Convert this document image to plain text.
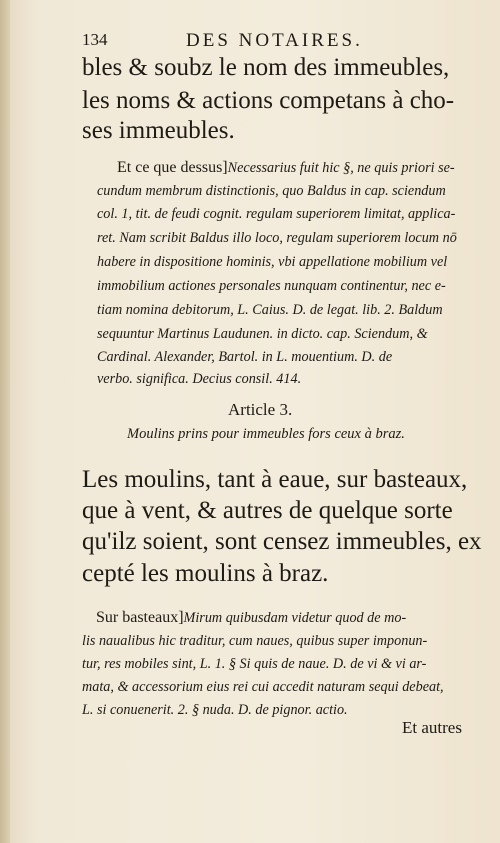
134	DES NOTAIRES.
bles & soubz le nom des immeubles,
les noms & actions competans à cho-
ses immeubles.
Et ce que dessus]Necessarius fuit hic §, ne quis priori se-
cundum membrum distinctionis, quo Baldus in cap. sciendum
col. 1, tit. de feudi cognit. regulam superiorem limitat, applica-
ret. Nam scribit Baldus illo loco, regulam superiorem locum nō
habere in dispositione hominis, vbi appellatione mobilium vel
immobilium actiones personales nunquam continentur, nec e-
tiam nomina debitorum, L. Caius. D. de legat. lib. 2. Baldum
sequuntur Martinus Laudunen. in dicto. cap. Sciendum, &
Cardinal. Alexander, Bartol. in L. mouentium. D. de
verbo. significa. Decius consil. 414.
Article 3.
Moulins prins pour immeubles fors ceux à braz.
Les moulins, tant à eaue, sur basteaux,
que à vent, & autres de quelque sorte
qu'ilz soient, sont censez immeubles, ex
cepté les moulins à braz.
Sur basteaux]Mirum quibusdam videtur quod de mo-
lis naualibus hic traditur, cum naues, quibus super imponun-
tur, res mobiles sint, L. 1. § Si quis de naue. D. de vi & vi ar-
mata, & accessorium eius rei cui accedit naturam sequi debeat,
L. si conuenerit. 2. § nuda. D. de pignor. actio.
Et autres
